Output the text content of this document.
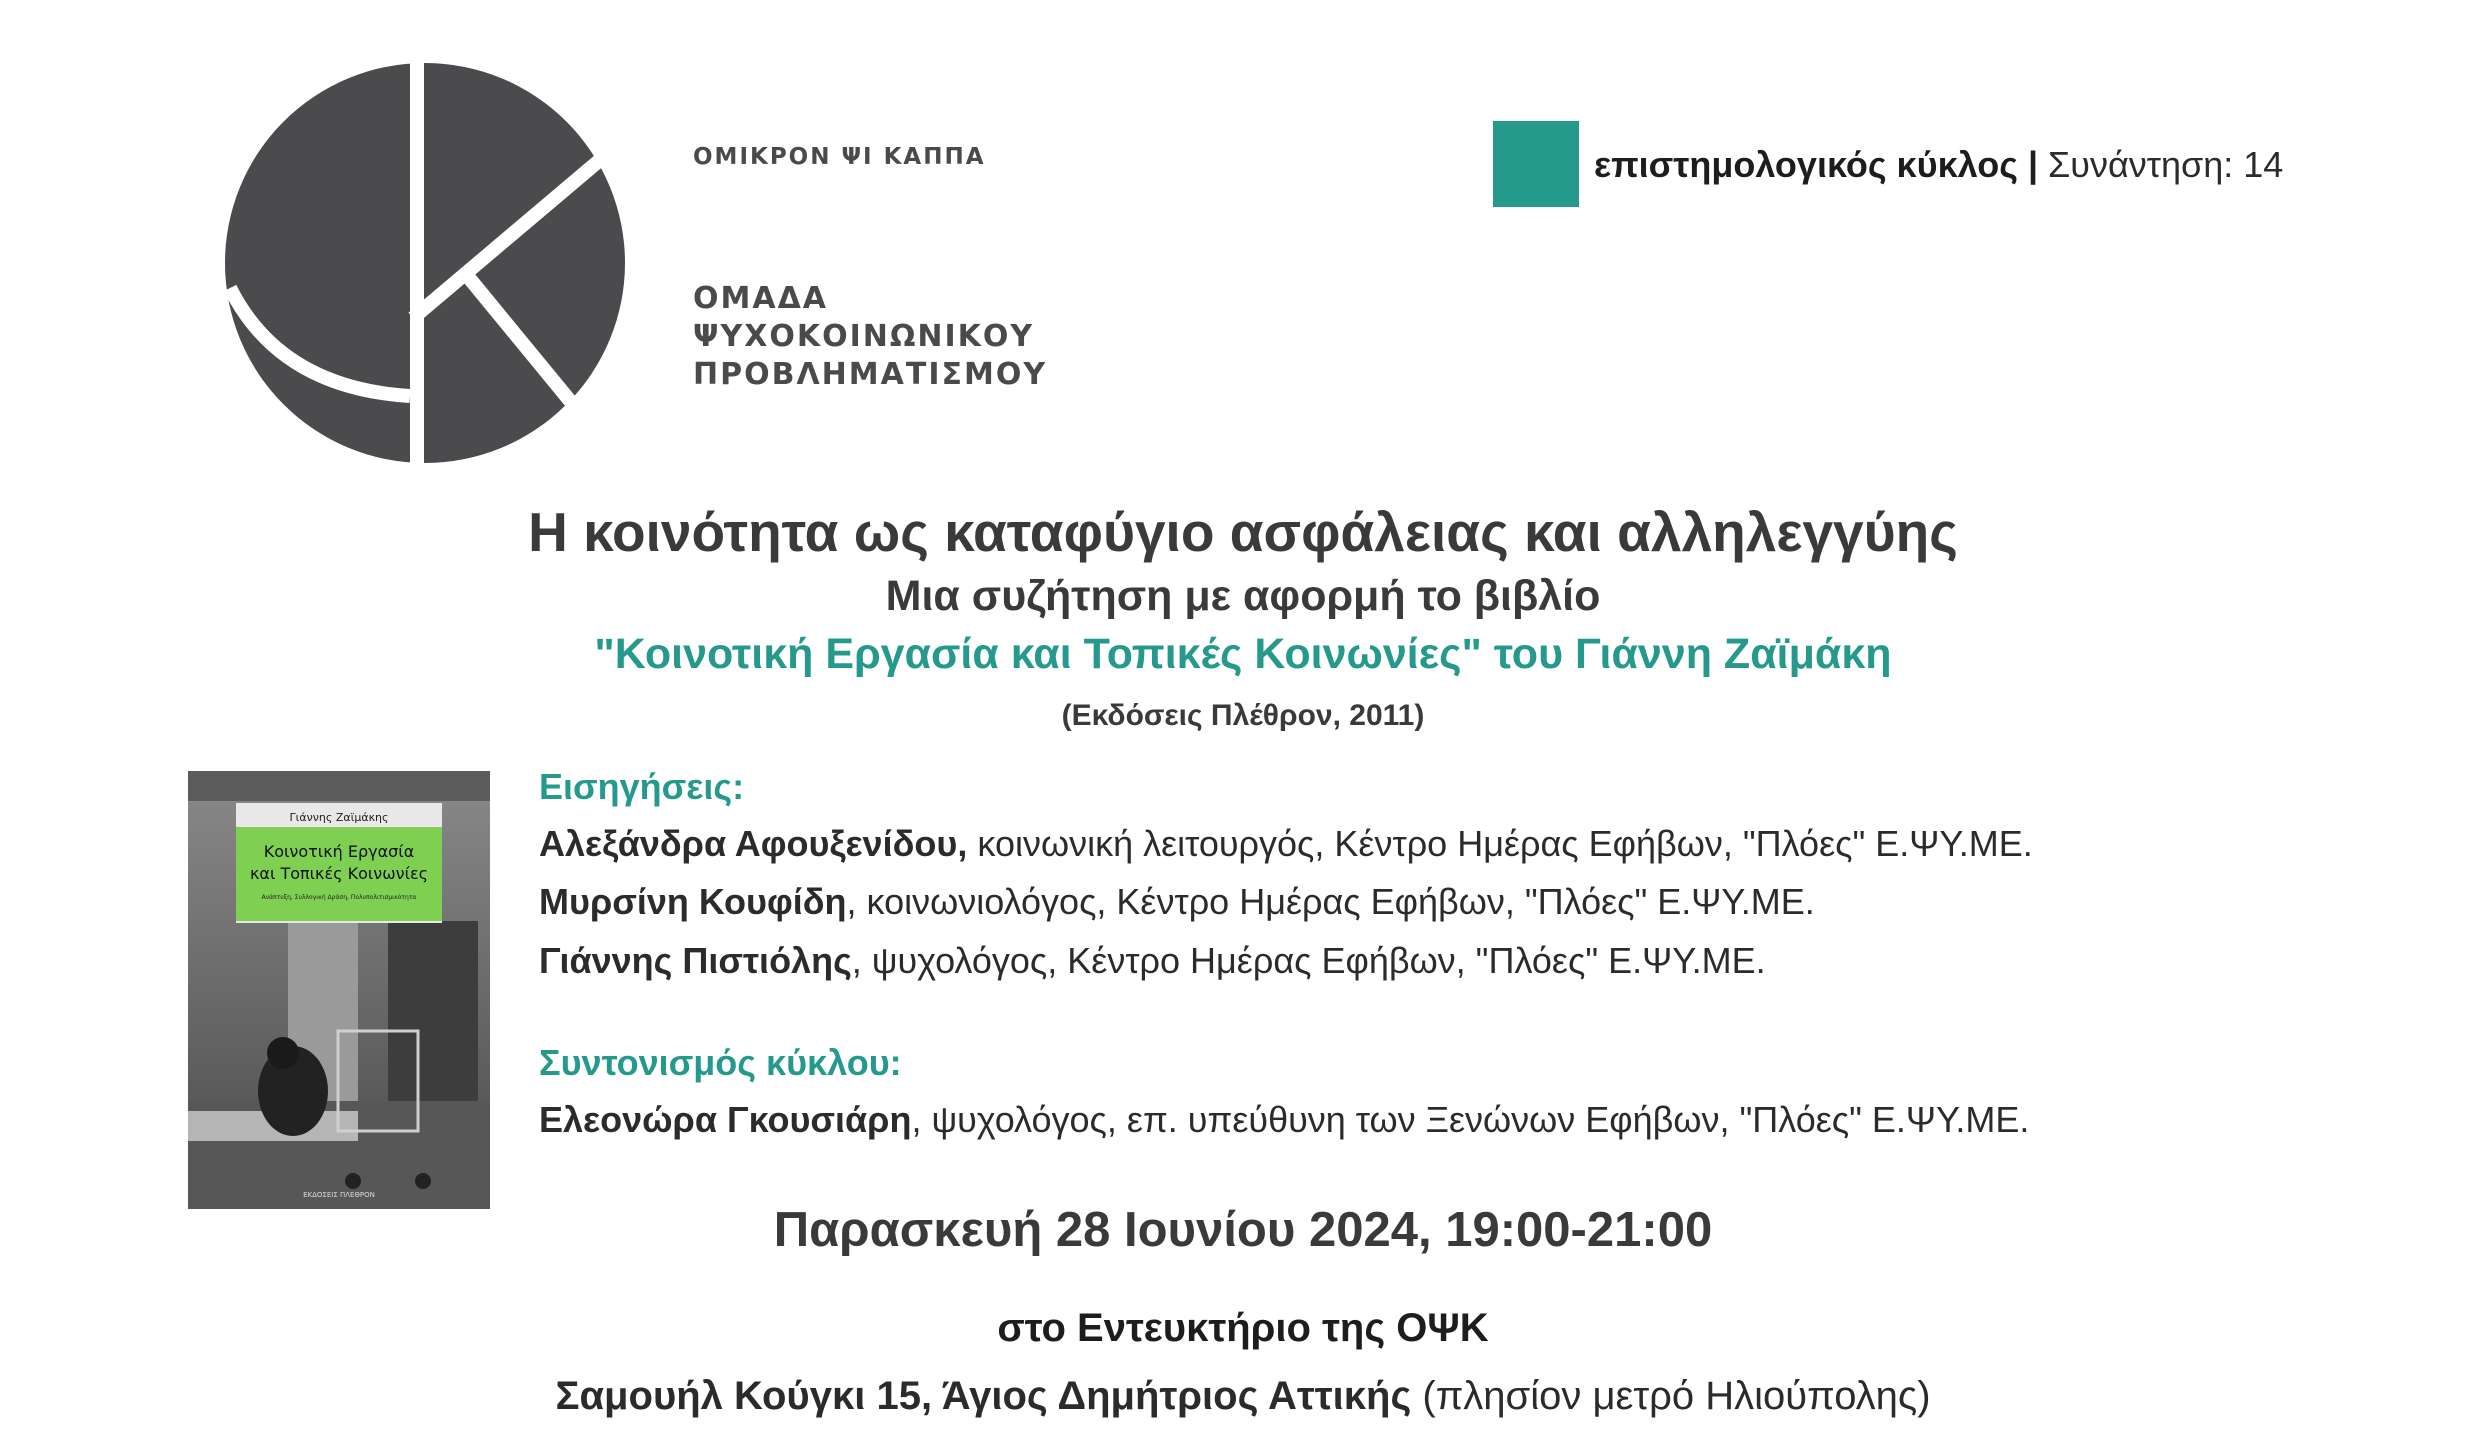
ΟΜΙΚΡΟΝ ΨΙ ΚΑΠΠΑ
ΟΜΑΔΑ
ΨΥΧΟΚΟΙΝΩΝΙΚΟΥ
ΠΡΟΒΛΗΜΑΤΙΣΜΟΥ
επιστημολογικός κύκλος | Συνάντηση: 14
Η κοινότητα ως καταφύγιο ασφάλειας και αλληλεγγύης
Μια συζήτηση με αφορμή το βιβλίο
"Κοινοτική Εργασία και Τοπικές Κοινωνίες" του Γιάννη Ζαϊμάκη
(Εκδόσεις Πλέθρον, 2011)
Γιάννης Ζαϊμάκης
Κοινοτική Εργασία
και Τοπικές Κοινωνίες
Ανάπτυξη, Συλλογική Δράση, Πολυπολιτισμικότητα
ΕΚΔΟΣΕΙΣ ΠΛΕΘΡΟΝ
Εισηγήσεις:
Αλεξάνδρα Αφουξενίδου, κοινωνική λειτουργός, Κέντρο Ημέρας Εφήβων, "Πλόες" Ε.ΨΥ.ΜΕ.
Μυρσίνη Κουφίδη, κοινωνιολόγος, Κέντρο Ημέρας Εφήβων, "Πλόες" Ε.ΨΥ.ΜΕ.
Γιάννης Πιστιόλης, ψυχολόγος, Κέντρο Ημέρας Εφήβων, "Πλόες" Ε.ΨΥ.ΜΕ.
Συντονισμός κύκλου:
Ελεονώρα Γκουσιάρη, ψυχολόγος, επ. υπεύθυνη των Ξενώνων Εφήβων, "Πλόες" Ε.ΨΥ.ΜΕ.
Παρασκευή 28 Ιουνίου 2024, 19:00-21:00
στο Εντευκτήριο της ΟΨΚ
Σαμουήλ Κούγκι 15, Άγιος Δημήτριος Αττικής (πλησίον μετρό Ηλιούπολης)
